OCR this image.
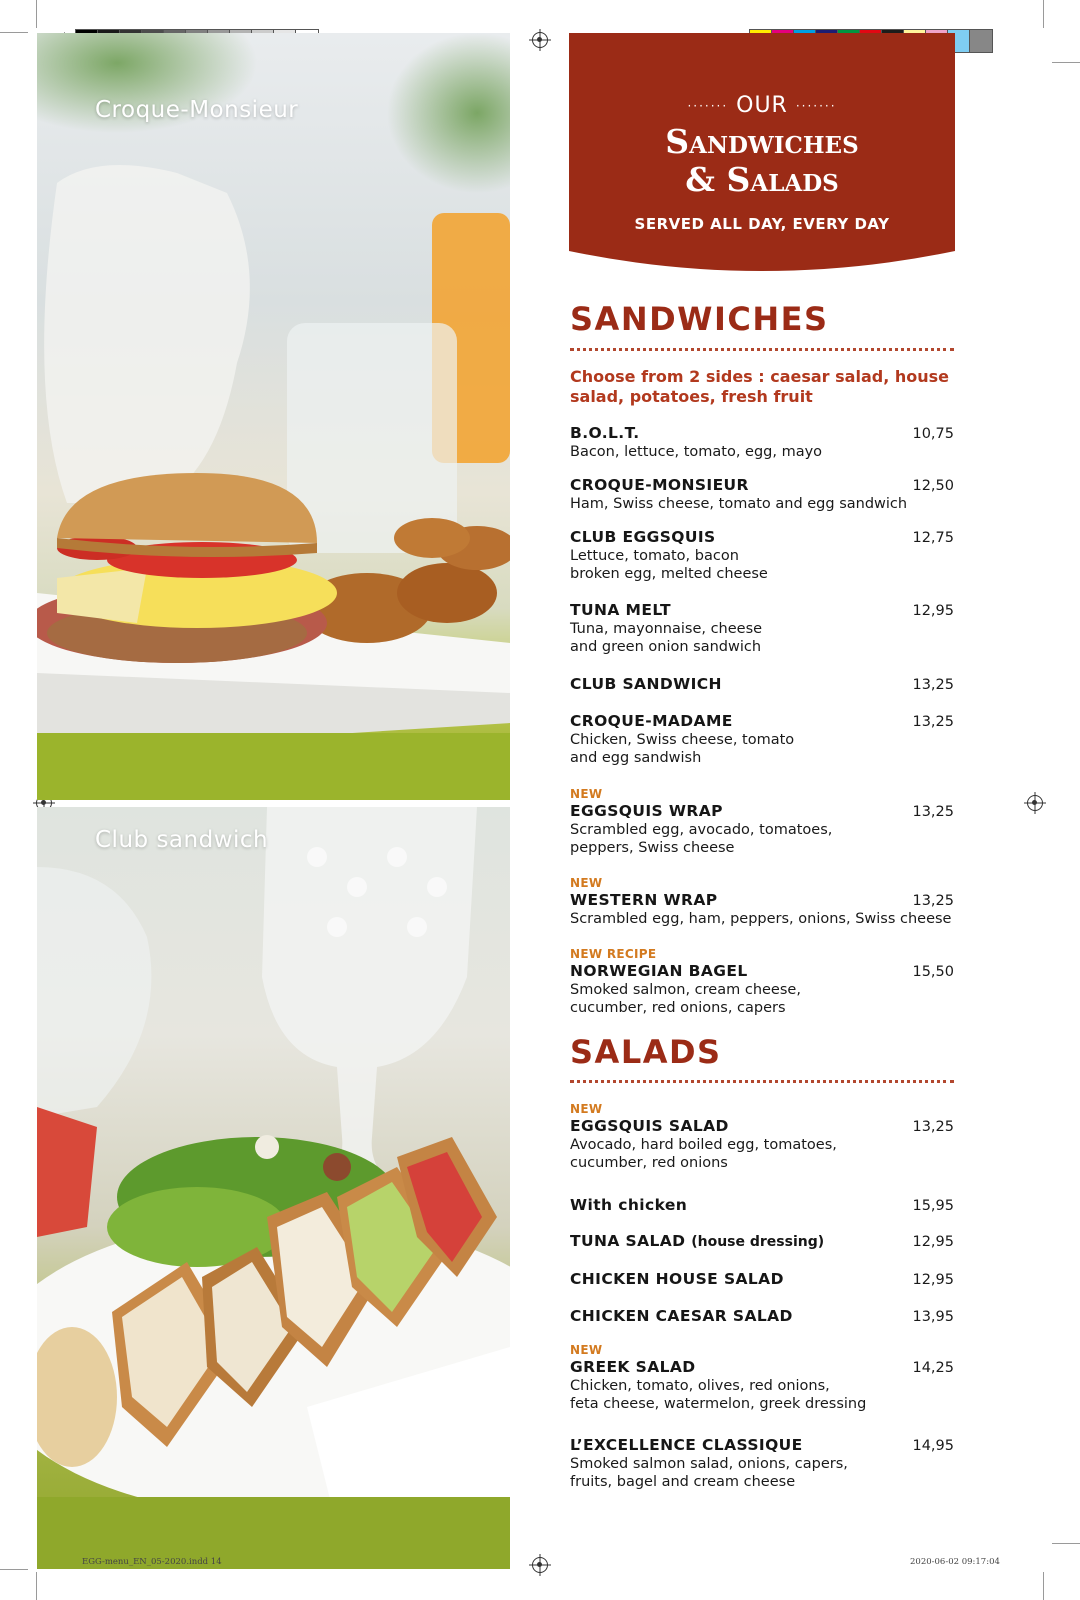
Croque-Monsieur
Club sandwich
······· OUR ·······
Sandwiches
& Salads
SERVED ALL DAY, EVERY DAY
SANDWICHES
Choose from 2 sides : caesar salad, house salad, potatoes, fresh fruit
B.O.L.T.	10,75
Bacon, lettuce, tomato, egg, mayo
CROQUE-MONSIEUR	12,50
Ham, Swiss cheese, tomato and egg sandwich
CLUB EGGSQUIS	12,75
Lettuce, tomato, bacon
broken egg, melted cheese
TUNA MELT	12,95
Tuna, mayonnaise, cheese
and green onion sandwich
CLUB SANDWICH	13,25
CROQUE-MADAME	13,25
Chicken, Swiss cheese, tomato
and egg sandwish
NEW
EGGSQUIS WRAP	13,25
Scrambled egg, avocado, tomatoes,
peppers, Swiss cheese
NEW
WESTERN WRAP	13,25
Scrambled egg, ham, peppers, onions, Swiss cheese
NEW RECIPE
NORWEGIAN BAGEL	15,50
Smoked salmon, cream cheese,
cucumber, red onions, capers
SALADS
NEW
EGGSQUIS SALAD	13,25
Avocado, hard boiled egg, tomatoes,
cucumber, red onions
With chicken	15,95
TUNA SALAD (house dressing)	12,95
CHICKEN HOUSE SALAD	12,95
CHICKEN CAESAR SALAD	13,95
NEW
GREEK SALAD	14,25
Chicken, tomato, olives, red onions,
feta cheese, watermelon, greek dressing
L’EXCELLENCE CLASSIQUE	14,95
Smoked salmon salad, onions, capers,
fruits, bagel and cream cheese
EGG-menu_EN_05-2020.indd 14	2020-06-02 09:17:04
